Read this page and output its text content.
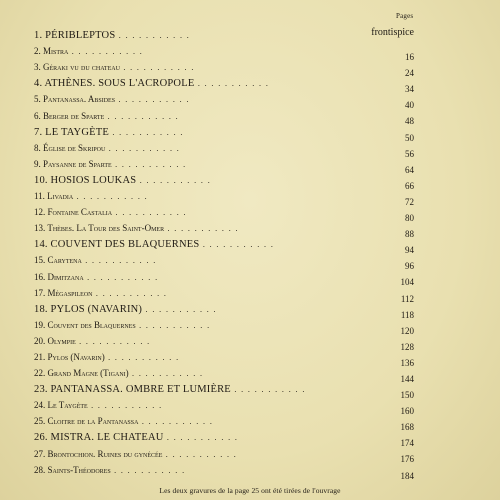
Pages
1. PÉRIBLEPTOS . . . . . . . . . . .	frontispice
2. Mistra . . . . . . . . . . .
16
3. Géraki vu du chateau . . . . . . . . . . .
24
4. ATHÈNES. SOUS L'ACROPOLE . . . . . . . . . . .
34
5. Pantanassa. Absides . . . . . . . . . . .
40
6. Berger de Sparte . . . . . . . . . . .
48
7. LE TAYGÈTE . . . . . . . . . . .
50
8. Église de Skripou . . . . . . . . . . .
56
9. Paysanne de Sparte . . . . . . . . . . .
64
10. HOSIOS LOUKAS . . . . . . . . . . .
66
11. Livadia . . . . . . . . . . .
72
12. Fontaine Castalia . . . . . . . . . . .
80
13. Thèbes. La Tour des Saint-Omer . . . . . . . . . . .
88
14. COUVENT DES BLAQUERNES . . . . . . . . . . .
94
15. Carytena . . . . . . . . . . .
96
16. Dimitzana . . . . . . . . . . .
104
17. Mégaspileon . . . . . . . . . . .
112
18. PYLOS (NAVARIN) . . . . . . . . . . .
118
19. Couvent des Blaquernes . . . . . . . . . . .
120
20. Olympie . . . . . . . . . . .
128
21. Pylos (Navarin) . . . . . . . . . . .
136
22. Grand Magne (Tigani) . . . . . . . . . . .
144
23. PANTANASSA. OMBRE ET LUMIÈRE . . . . . . . . . . .
150
24. Le Taygète . . . . . . . . . . .
160
25. Cloitre de la Pantanassa . . . . . . . . . . .
168
26. MISTRA. LE CHATEAU . . . . . . . . . . .
174
27. Brontochion. Ruines du gynécée . . . . . . . . . . .
176
28. Saints-Théodores . . . . . . . . . . .
184
Les deux gravures de la page 25 ont été tirées de l'ouvrage
